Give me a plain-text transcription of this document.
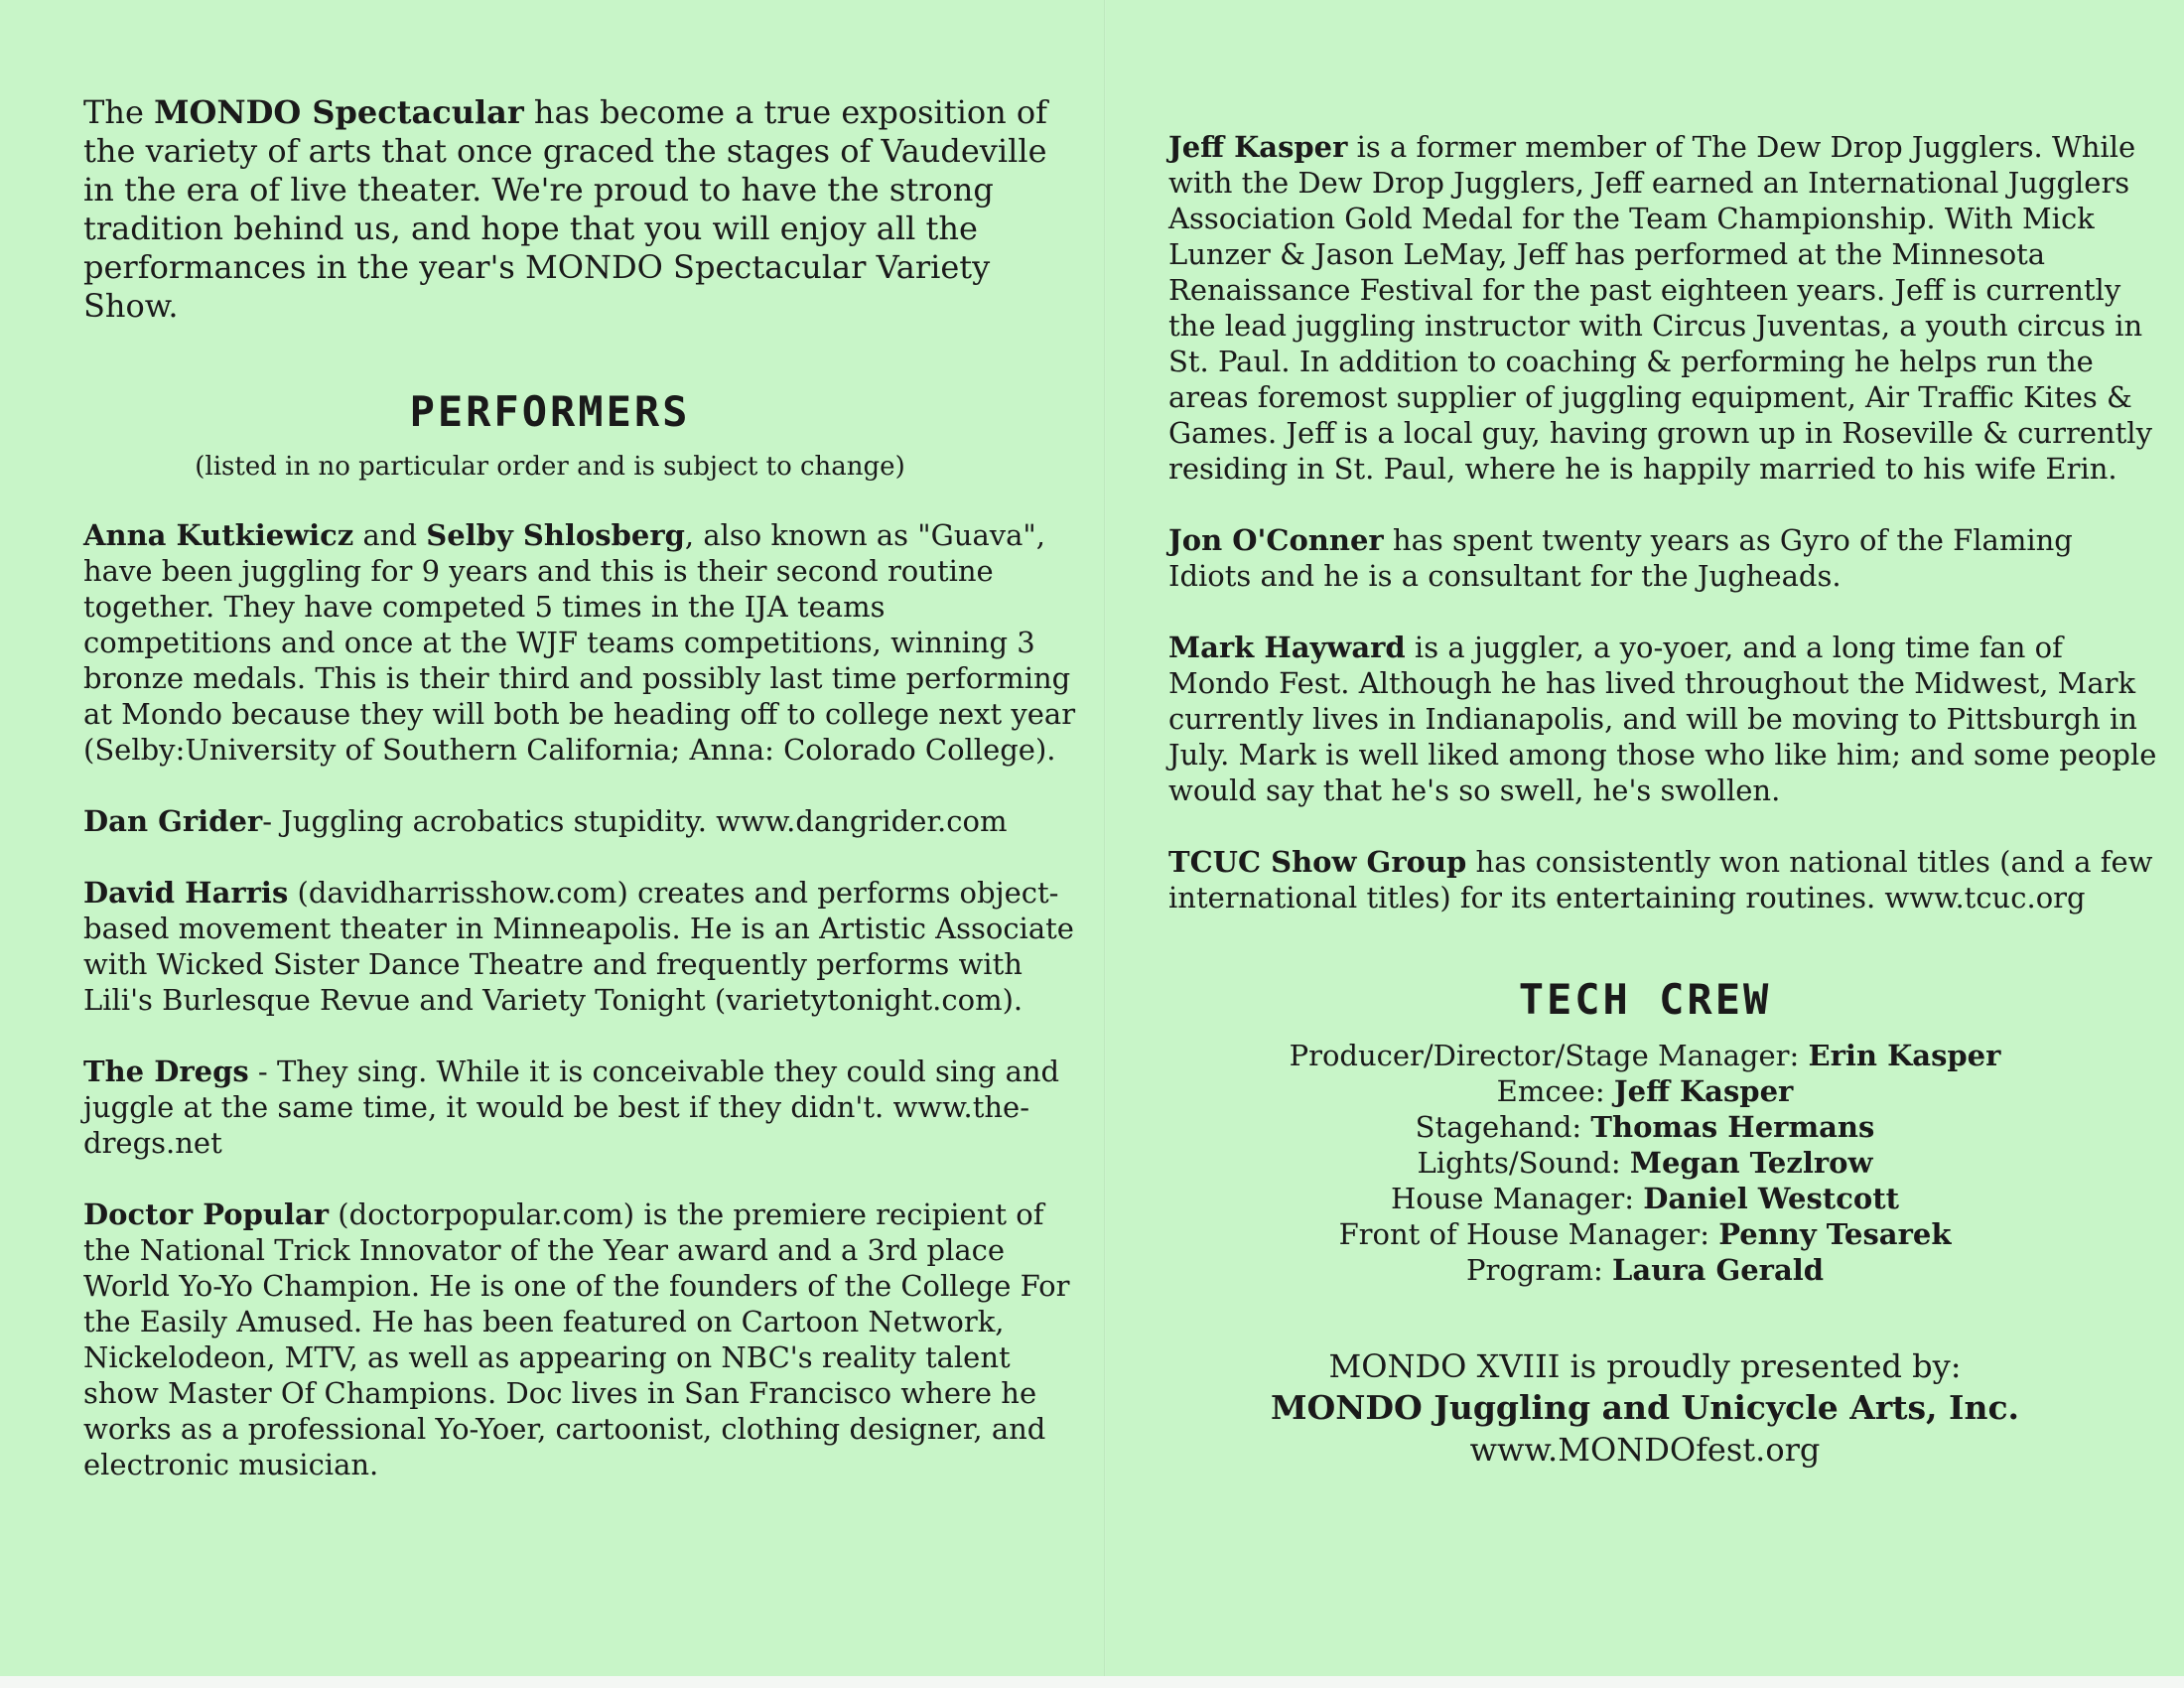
The MONDO Spectacular has become a true exposition of the variety of arts that once graced the stages of Vaudeville in the era of live theater. We're proud to have the strong tradition behind us, and hope that you will enjoy all the performances in the year's MONDO Spectacular Variety Show.

PERFORMERS

(listed in no particular order and is subject to change)

Anna Kutkiewicz and Selby Shlosberg, also known as "Guava", have been juggling for 9 years and this is their second routine together. They have competed 5 times in the IJA teams competitions and once at the WJF teams competitions, winning 3 bronze medals. This is their third and possibly last time performing at Mondo because they will both be heading off to college next year (Selby:University of Southern California; Anna: Colorado College).

Dan Grider- Juggling acrobatics stupidity. www.dangrider.com

David Harris (davidharrisshow.com) creates and performs object-based movement theater in Minneapolis. He is an Artistic Associate with Wicked Sister Dance Theatre and frequently performs with Lili's Burlesque Revue and Variety Tonight (varietytonight.com).

The Dregs - They sing. While it is conceivable they could sing and juggle at the same time, it would be best if they didn't. www.the-dregs.net

Doctor Popular (doctorpopular.com) is the premiere recipient of the National Trick Innovator of the Year award and a 3rd place World Yo-Yo Champion. He is one of the founders of the College For the Easily Amused. He has been featured on Cartoon Network, Nickelodeon, MTV, as well as appearing on NBC's reality talent show Master Of Champions. Doc lives in San Francisco where he works as a professional Yo-Yoer, cartoonist, clothing designer, and electronic musician.

Jeff Kasper is a former member of The Dew Drop Jugglers. While with the Dew Drop Jugglers, Jeff earned an International Jugglers Association Gold Medal for the Team Championship. With Mick Lunzer & Jason LeMay, Jeff has performed at the Minnesota Renaissance Festival for the past eighteen years. Jeff is currently the lead juggling instructor with Circus Juventas, a youth circus in St. Paul. In addition to coaching & performing he helps run the areas foremost supplier of juggling equipment, Air Traffic Kites & Games. Jeff is a local guy, having grown up in Roseville & currently residing in St. Paul, where he is happily married to his wife Erin.

Jon O'Conner has spent twenty years as Gyro of the Flaming Idiots and he is a consultant for the Jugheads.

Mark Hayward is a juggler, a yo-yoer, and a long time fan of Mondo Fest. Although he has lived throughout the Midwest, Mark currently lives in Indianapolis, and will be moving to Pittsburgh in July. Mark is well liked among those who like him; and some people would say that he's so swell, he's swollen.

TCUC Show Group has consistently won national titles (and a few international titles) for its entertaining routines. www.tcuc.org

TECH CREW
Producer/Director/Stage Manager: Erin Kasper
Emcee: Jeff Kasper
Stagehand: Thomas Hermans
Lights/Sound: Megan Tezlrow
House Manager: Daniel Westcott
Front of House Manager: Penny Tesarek
Program: Laura Gerald
MONDO XVIII is proudly presented by:
MONDO Juggling and Unicycle Arts, Inc.
www.MONDOfest.org
